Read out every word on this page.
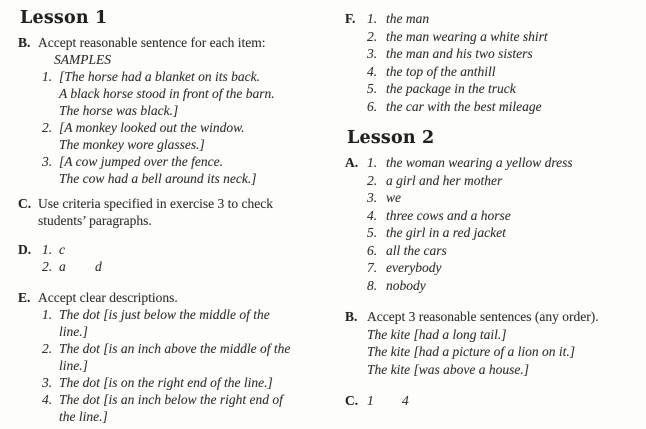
Lesson 1
B. Accept reasonable sentence for each item:
SAMPLES
1. [The horse had a blanket on its back.
A black horse stood in front of the barn.
The horse was black.]
2. [A monkey looked out the window.
The monkey wore glasses.]
3. [A cow jumped over the fence.
The cow had a bell around its neck.]
C. Use criteria specified in exercise 3 to check
students’ paragraphs.
D. 1. c
2. a d
E. Accept clear descriptions.
1. The dot [is just below the middle of the
line.]
2. The dot [is an inch above the middle of the
line.]
3. The dot [is on the right end of the line.]
4. The dot [is an inch below the right end of
the line.]
F. 1. the man
2. the man wearing a white shirt
3. the man and his two sisters
4. the top of the anthill
5. the package in the truck
6. the car with the best mileage
Lesson 2
A. 1. the woman wearing a yellow dress
2. a girl and her mother
3. we
4. three cows and a horse
5. the girl in a red jacket
6. all the cars
7. everybody
8. nobody
B. Accept 3 reasonable sentences (any order).
The kite [had a long tail.]
The kite [had a picture of a lion on it.]
The kite [was above a house.]
C. 1 4
